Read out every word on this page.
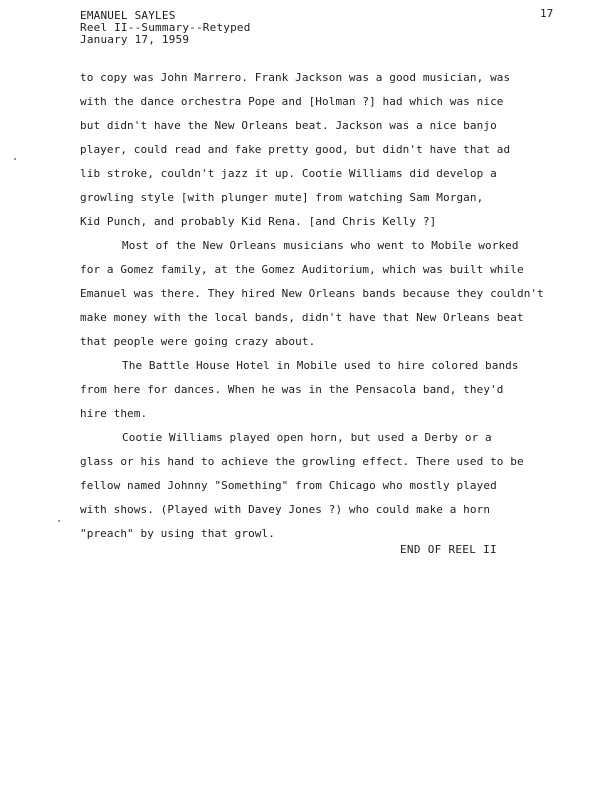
EMANUEL SAYLES
Reel II--Summary--Retyped
January 17, 1959
17
to copy was John Marrero. Frank Jackson was a good musician, was
with the dance orchestra Pope and [Holman ?] had which was nice
but didn't have the New Orleans beat. Jackson was a nice banjo
player, could read and fake pretty good, but didn't have that ad
lib stroke, couldn't jazz it up. Cootie Williams did develop a
growling style [with plunger mute] from watching Sam Morgan,
Kid Punch, and probably Kid Rena. [and Chris Kelly ?]
Most of the New Orleans musicians who went to Mobile worked
for a Gomez family, at the Gomez Auditorium, which was built while
Emanuel was there. They hired New Orleans bands because they couldn't
make money with the local bands, didn't have that New Orleans beat
that people were going crazy about.
The Battle House Hotel in Mobile used to hire colored bands
from here for dances. When he was in the Pensacola band, they'd
hire them.
Cootie Williams played open horn, but used a Derby or a
glass or his hand to achieve the growling effect. There used to be
fellow named Johnny "Something" from Chicago who mostly played
with shows. (Played with Davey Jones ?) who could make a horn
"preach" by using that growl.
END OF REEL II
